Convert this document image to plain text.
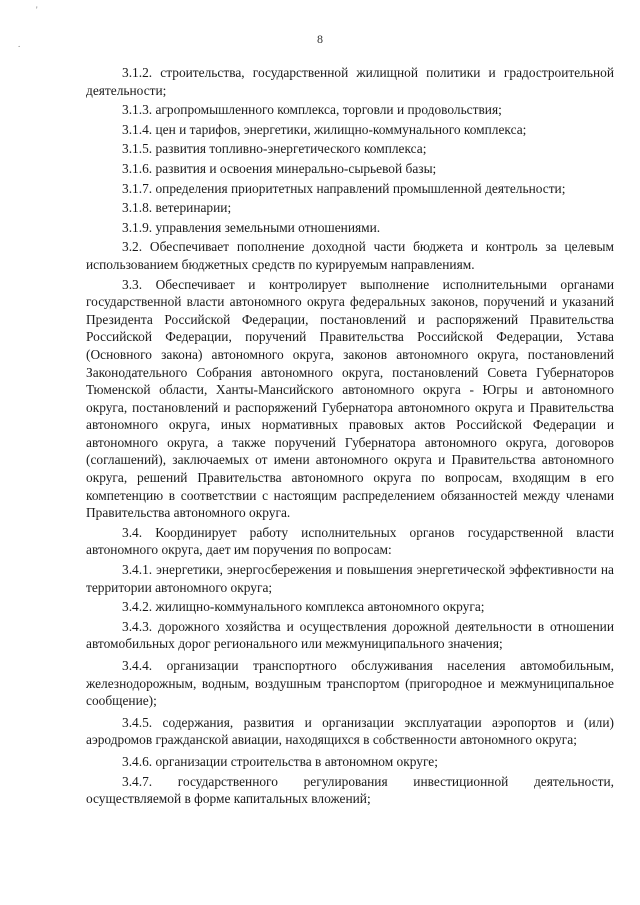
'
.	8

3.1.2. строительства, государственной жилищной политики и градостроительной деятельности;

3.1.3. агропромышленного комплекса, торговли и продовольствия;

3.1.4. цен и тарифов, энергетики, жилищно-коммунального комплекса;

3.1.5. развития топливно-энергетического комплекса;

3.1.6. развития и освоения минерально-сырьевой базы;

3.1.7. определения приоритетных направлений промышленной деятельности;

3.1.8. ветеринарии;

3.1.9. управления земельными отношениями.

3.2. Обеспечивает пополнение доходной части бюджета и контроль за целевым использованием бюджетных средств по курируемым направлениям.

3.3. Обеспечивает и контролирует выполнение исполнительными органами государственной власти автономного округа федеральных законов, поручений и указаний Президента Российской Федерации, постановлений и распоряжений Правительства Российской Федерации, поручений Правительства Российской Федерации, Устава (Основного закона) автономного округа, законов автономного округа, постановлений Законодательного Собрания автономного округа, постановлений Совета Губернаторов Тюменской области, Ханты-Мансийского автономного округа - Югры и автономного округа, постановлений и распоряжений Губернатора автономного округа и Правительства автономного округа, иных нормативных правовых актов Российской Федерации и автономного округа, а также поручений Губернатора автономного округа, договоров (соглашений), заключаемых от имени автономного округа и Правительства автономного округа, решений Правительства автономного округа по вопросам, входящим в его компетенцию в соответствии с настоящим распределением обязанностей между членами Правительства автономного округа.

3.4. Координирует работу исполнительных органов государственной власти автономного округа, дает им поручения по вопросам:

3.4.1. энергетики, энергосбережения и повышения энергетической эффективности на территории автономного округа;

3.4.2. жилищно-коммунального комплекса автономного округа;

3.4.3. дорожного хозяйства и осуществления дорожной деятельности в отношении автомобильных дорог регионального или межмуниципального значения;

3.4.4. организации транспортного обслуживания населения автомобильным, железнодорожным, водным, воздушным транспортом (пригородное и межмуниципальное сообщение);

3.4.5. содержания, развития и организации эксплуатации аэропортов и (или) аэродромов гражданской авиации, находящихся в собственности автономного округа;

3.4.6. организации строительства в автономном округе;

3.4.7. государственного регулирования инвестиционной деятельности, осуществляемой в форме капитальных вложений;
